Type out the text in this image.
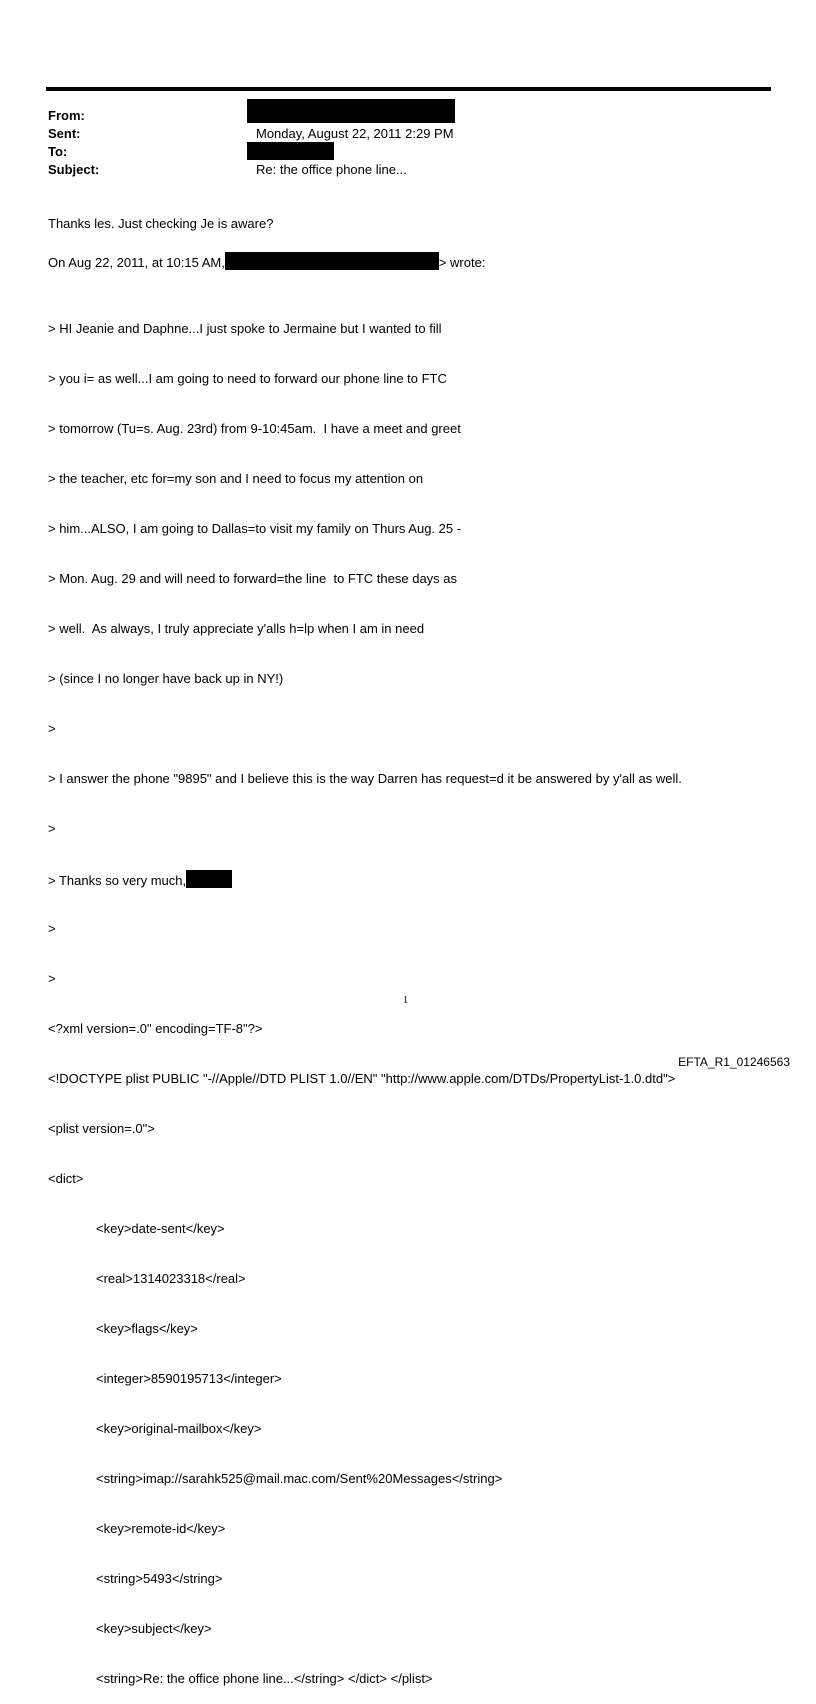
From:
Sent:
To:
Subject:
Monday, August 22, 2011 2:29 PM
Re: the office phone line...
Thanks les. Just checking Je is aware?
On Aug 22, 2011, at 10:15 AM,	> wrote:

> HI Jeanie and Daphne...I just spoke to Jermaine but I wanted to fill

> you i= as well...I am going to need to forward our phone line to FTC

> tomorrow (Tu=s. Aug. 23rd) from 9-10:45am.  I have a meet and greet

> the teacher, etc for=my son and I need to focus my attention on

> him...ALSO, I am going to Dallas=to visit my family on Thurs Aug. 25 -

> Mon. Aug. 29 and will need to forward=the line  to FTC these days as

> well.  As always, I truly appreciate y'alls h=lp when I am in need

> (since I no longer have back up in NY!)

>

> I answer the phone "9895" and I believe this is the way Darren has request=d it be answered by y'all as well.

>

> Thanks so very much,

>

>

<?xml version=.0" encoding=TF-8"?>

<!DOCTYPE plist PUBLIC "-//Apple//DTD PLIST 1.0//EN" "http://www.apple.com/DTDs/PropertyList-1.0.dtd">

<plist version=.0">

<dict>

<key>date-sent</key>

<real>1314023318</real>

<key>flags</key>

<integer>8590195713</integer>

<key>original-mailbox</key>

<string>imap://sarahk525@mail.mac.com/Sent%20Messages</string>

<key>remote-id</key>

<string>5493</string>

<key>subject</key>

<string>Re: the office phone line...</string> </dict> </plist>

1
EFTA_R1_01246563
